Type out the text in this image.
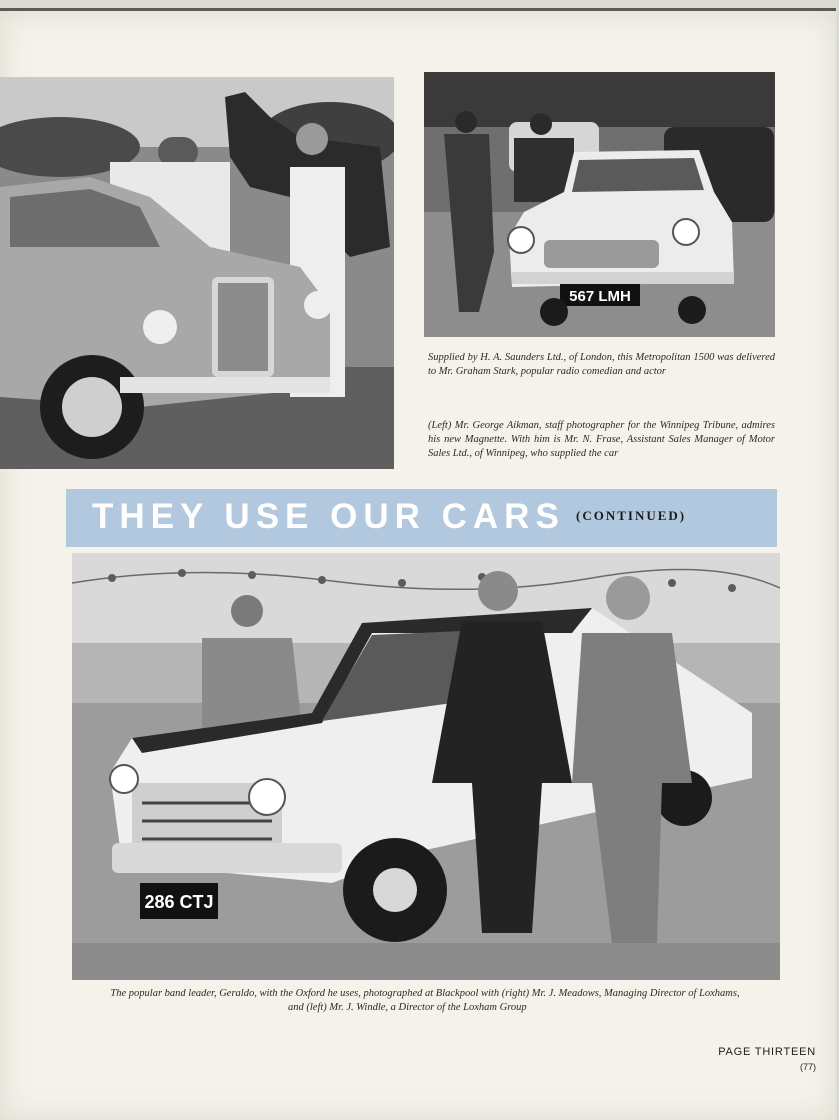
567 LMH
Supplied by H. A. Saunders Ltd., of London, this Metropolitan 1500 was delivered to Mr. Graham Stark, popular radio comedian and actor
(Left) Mr. George Aikman, staff photographer for the Winnipeg Tribune, admires his new Magnette. With him is Mr. N. Frase, Assistant Sales Manager of Motor Sales Ltd., of Winnipeg, who supplied the car
THEY USE OUR CARS (CONTINUED)
286 CTJ
The popular band leader, Geraldo, with the Oxford he uses, photographed at Blackpool with (right) Mr. J. Meadows, Managing Director of Loxhams,
and (left) Mr. J. Windle, a Director of the Loxham Group
PAGE THIRTEEN
(77)
